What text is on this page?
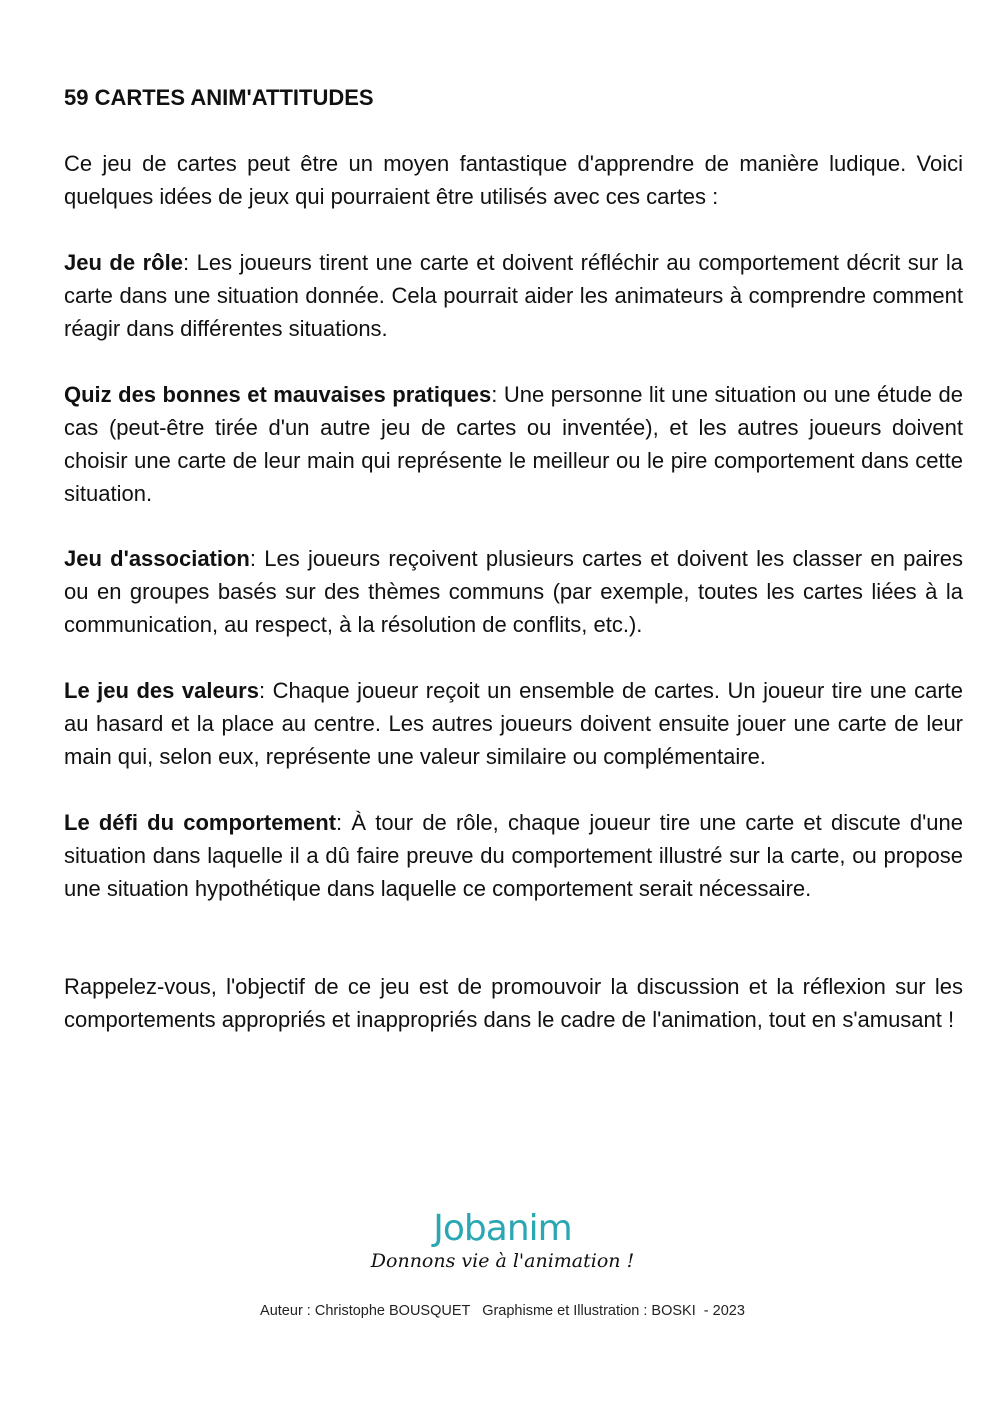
59 CARTES ANIM'ATTITUDES

Ce jeu de cartes peut être un moyen fantastique d'apprendre de manière ludique. Voici quelques idées de jeux qui pourraient être utilisés avec ces cartes :

Jeu de rôle: Les joueurs tirent une carte et doivent réfléchir au comportement décrit sur la carte dans une situation donnée. Cela pourrait aider les animateurs à comprendre comment réagir dans différentes situations.

Quiz des bonnes et mauvaises pratiques: Une personne lit une situation ou une étude de cas (peut-être tirée d'un autre jeu de cartes ou inventée), et les autres joueurs doivent choisir une carte de leur main qui représente le meilleur ou le pire comportement dans cette situation.

Jeu d'association: Les joueurs reçoivent plusieurs cartes et doivent les classer en paires ou en groupes basés sur des thèmes communs (par exemple, toutes les cartes liées à la communication, au respect, à la résolution de conflits, etc.).

Le jeu des valeurs: Chaque joueur reçoit un ensemble de cartes. Un joueur tire une carte au hasard et la place au centre. Les autres joueurs doivent ensuite jouer une carte de leur main qui, selon eux, représente une valeur similaire ou complémentaire.

Le défi du comportement: À tour de rôle, chaque joueur tire une carte et discute d'une situation dans laquelle il a dû faire preuve du comportement illustré sur la carte, ou propose une situation hypothétique dans laquelle ce comportement serait nécessaire.

Rappelez-vous, l'objectif de ce jeu est de promouvoir la discussion et la réflexion sur les comportements appropriés et inappropriés dans le cadre de l'animation, tout en s'amusant !

Jobanim
Donnons vie à l'animation !
Auteur : Christophe BOUSQUET   Graphisme et Illustration : BOSKI  - 2023
